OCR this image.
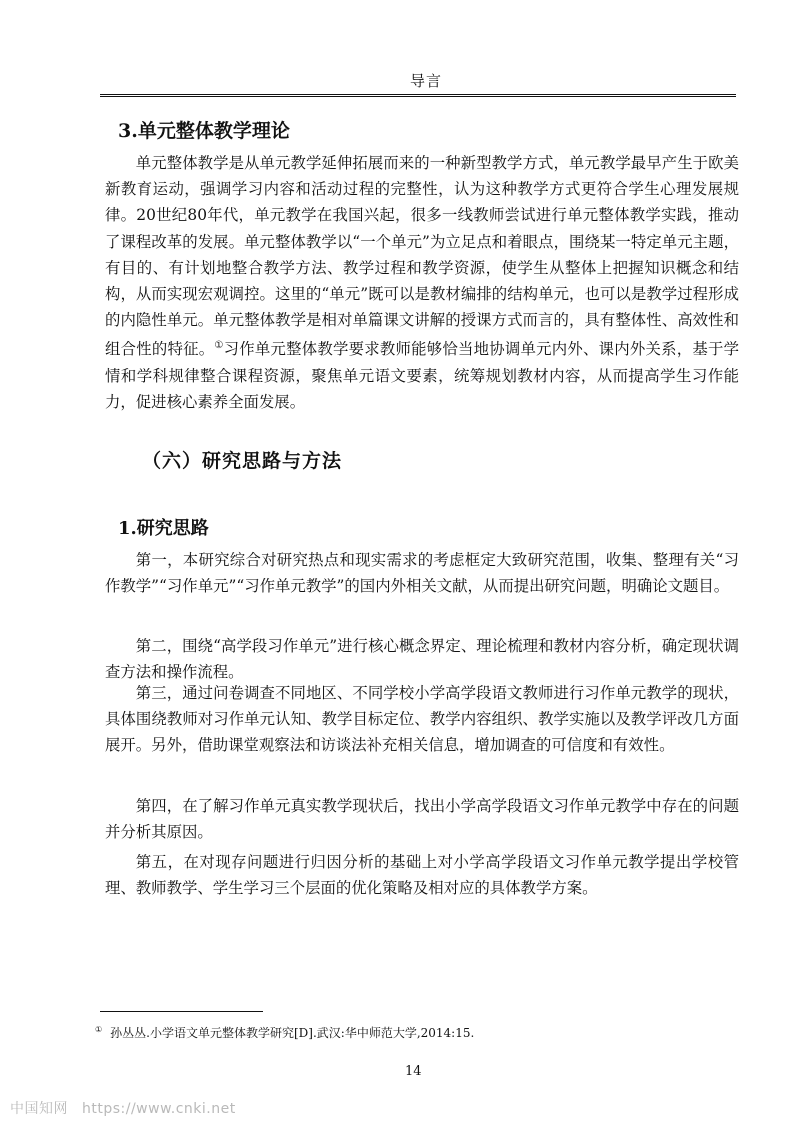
导言
3.单元整体教学理论

单元整体教学是从单元教学延伸拓展而来的一种新型教学方式，单元教学最早产生于欧美新教育运动，强调学习内容和活动过程的完整性，认为这种教学方式更符合学生心理发展规律。20世纪80年代，单元教学在我国兴起，很多一线教师尝试进行单元整体教学实践，推动了课程改革的发展。单元整体教学以“一个单元”为立足点和着眼点，围绕某一特定单元主题，有目的、有计划地整合教学方法、教学过程和教学资源，使学生从整体上把握知识概念和结构，从而实现宏观调控。这里的“单元”既可以是教材编排的结构单元，也可以是教学过程形成的内隐性单元。单元整体教学是相对单篇课文讲解的授课方式而言的，具有整体性、高效性和组合性的特征。①习作单元整体教学要求教师能够恰当地协调单元内外、课内外关系，基于学情和学科规律整合课程资源，聚焦单元语文要素，统筹规划教材内容，从而提高学生习作能力，促进核心素养全面发展。

（六）研究思路与方法
1.研究思路

第一，本研究综合对研究热点和现实需求的考虑框定大致研究范围，收集、整理有关“习作教学”“习作单元”“习作单元教学”的国内外相关文献，从而提出研究问题，明确论文题目。

第二，围绕“高学段习作单元”进行核心概念界定、理论梳理和教材内容分析，确定现状调查方法和操作流程。

第三，通过问卷调查不同地区、不同学校小学高学段语文教师进行习作单元教学的现状，具体围绕教师对习作单元认知、教学目标定位、教学内容组织、教学实施以及教学评改几方面展开。另外，借助课堂观察法和访谈法补充相关信息，增加调查的可信度和有效性。

第四，在了解习作单元真实教学现状后，找出小学高学段语文习作单元教学中存在的问题并分析其原因。

第五，在对现存问题进行归因分析的基础上对小学高学段语文习作单元教学提出学校管理、教师教学、学生学习三个层面的优化策略及相对应的具体教学方案。

① 孙丛丛.小学语文单元整体教学研究[D].武汉:华中师范大学,2014:15.
14
中国知网 https://www.cnki.net
